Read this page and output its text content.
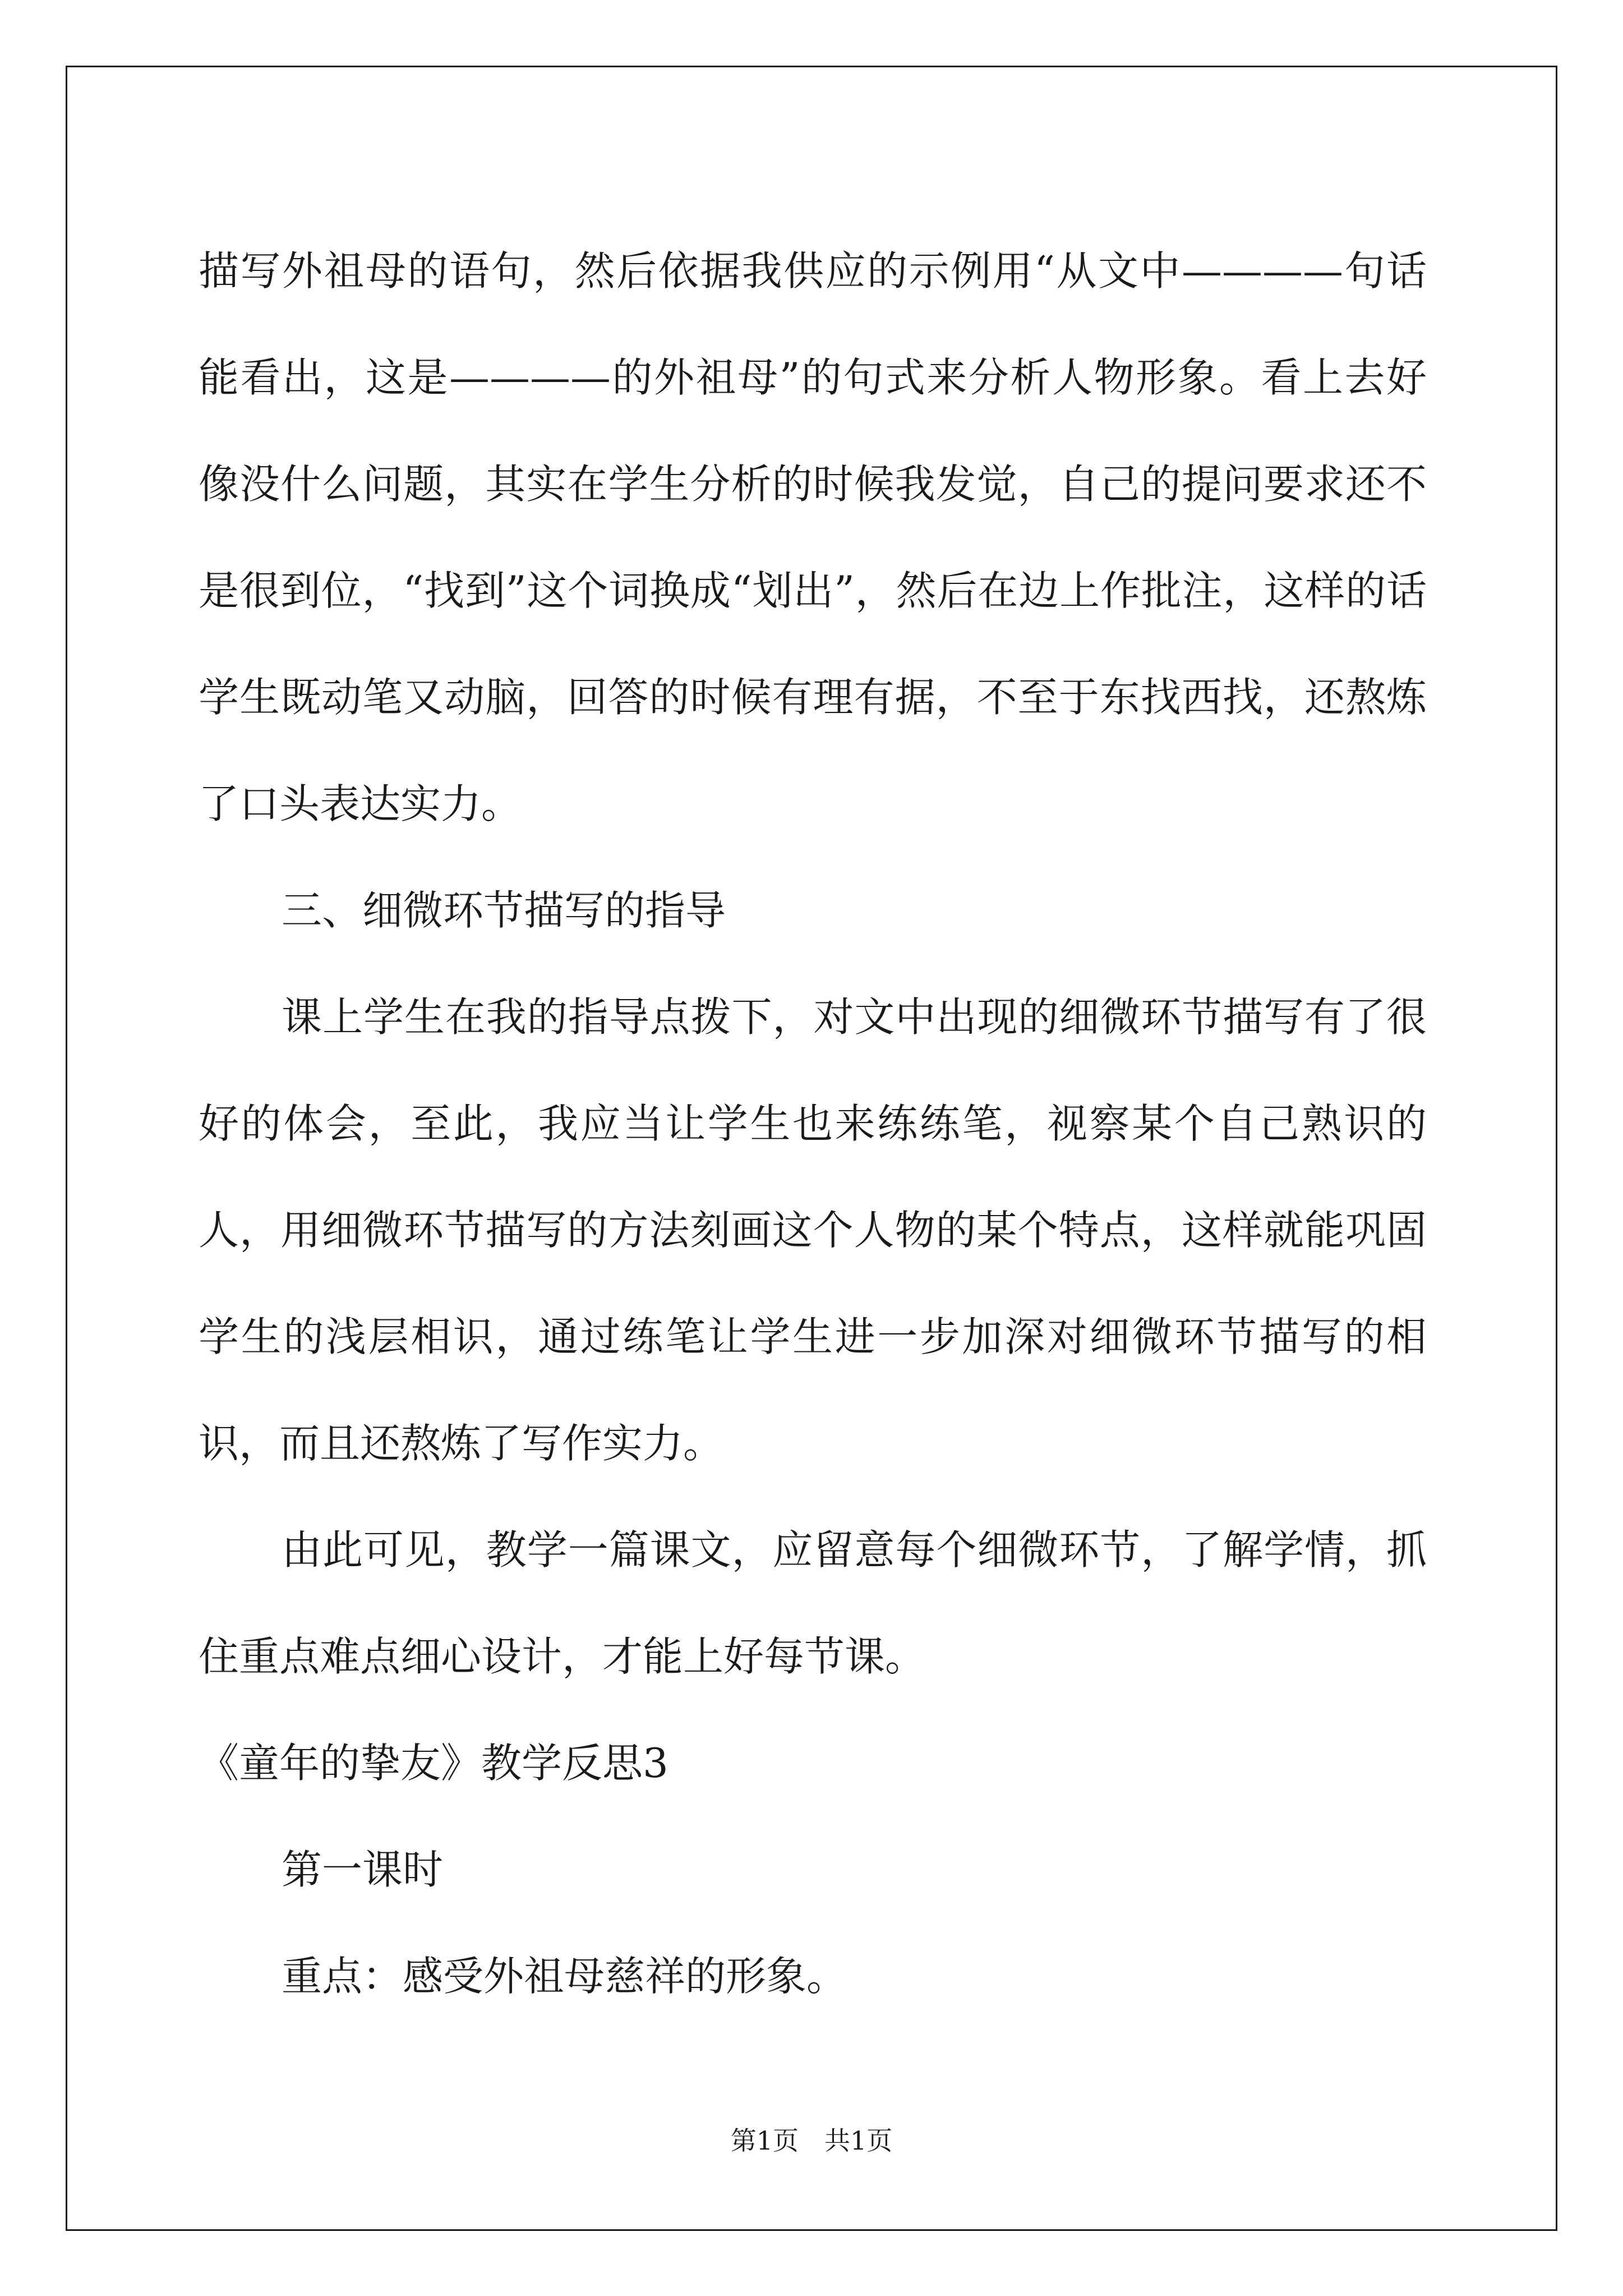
描写外祖母的语句，然后依据我供应的示例用“从文中————句话能看出，这是————的外祖母”的句式来分析人物形象。看上去好像没什么问题，其实在学生分析的时候我发觉，自己的提问要求还不是很到位，“找到”这个词换成“划出”，然后在边上作批注，这样的话学生既动笔又动脑，回答的时候有理有据，不至于东找西找，还熬炼了口头表达实力。

三、细微环节描写的指导

课上学生在我的指导点拨下，对文中出现的细微环节描写有了很好的体会，至此，我应当让学生也来练练笔，视察某个自己熟识的人，用细微环节描写的方法刻画这个人物的某个特点，这样就能巩固学生的浅层相识，通过练笔让学生进一步加深对细微环节描写的相识，而且还熬炼了写作实力。

由此可见，教学一篇课文，应留意每个细微环节，了解学情，抓住重点难点细心设计，才能上好每节课。

《童年的挚友》教学反思3

第一课时

重点：感受外祖母慈祥的形象。

第1页　共1页
